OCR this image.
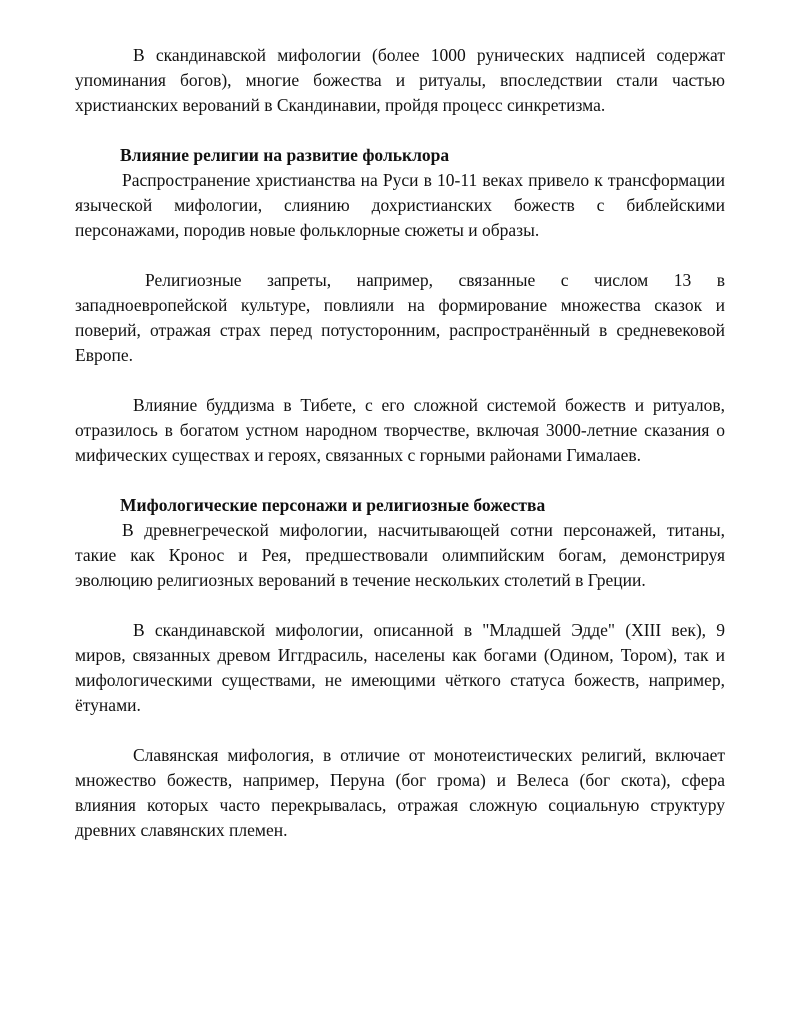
В скандинавской мифологии (более 1000 рунических надписей содержат упоминания богов), многие божества и ритуалы, впоследствии стали частью христианских верований в Скандинавии, пройдя процесс синкретизма.

Влияние религии на развитие фольклора

Распространение христианства на Руси в 10-11 веках привело к трансформации языческой мифологии, слиянию дохристианских божеств с библейскими персонажами, породив новые фольклорные сюжеты и образы.

Религиозные запреты, например, связанные с числом 13 в западноевропейской культуре, повлияли на формирование множества сказок и поверий, отражая страх перед потусторонним, распространённый в средневековой Европе.

Влияние буддизма в Тибете, с его сложной системой божеств и ритуалов, отразилось в богатом устном народном творчестве, включая 3000-летние сказания о мифических существах и героях, связанных с горными районами Гималаев.

Мифологические персонажи и религиозные божества

В древнегреческой мифологии, насчитывающей сотни персонажей, титаны, такие как Кронос и Рея, предшествовали олимпийским богам, демонстрируя эволюцию религиозных верований в течение нескольких столетий в Греции.

В скандинавской мифологии, описанной в "Младшей Эдде" (XIII век), 9 миров, связанных древом Иггдрасиль, населены как богами (Одином, Тором), так и мифологическими существами, не имеющими чёткого статуса божеств, например, ётунами.

Славянская мифология, в отличие от монотеистических религий, включает множество божеств, например, Перуна (бог грома) и Велеса (бог скота), сфера влияния которых часто перекрывалась, отражая сложную социальную структуру древних славянских племен.
